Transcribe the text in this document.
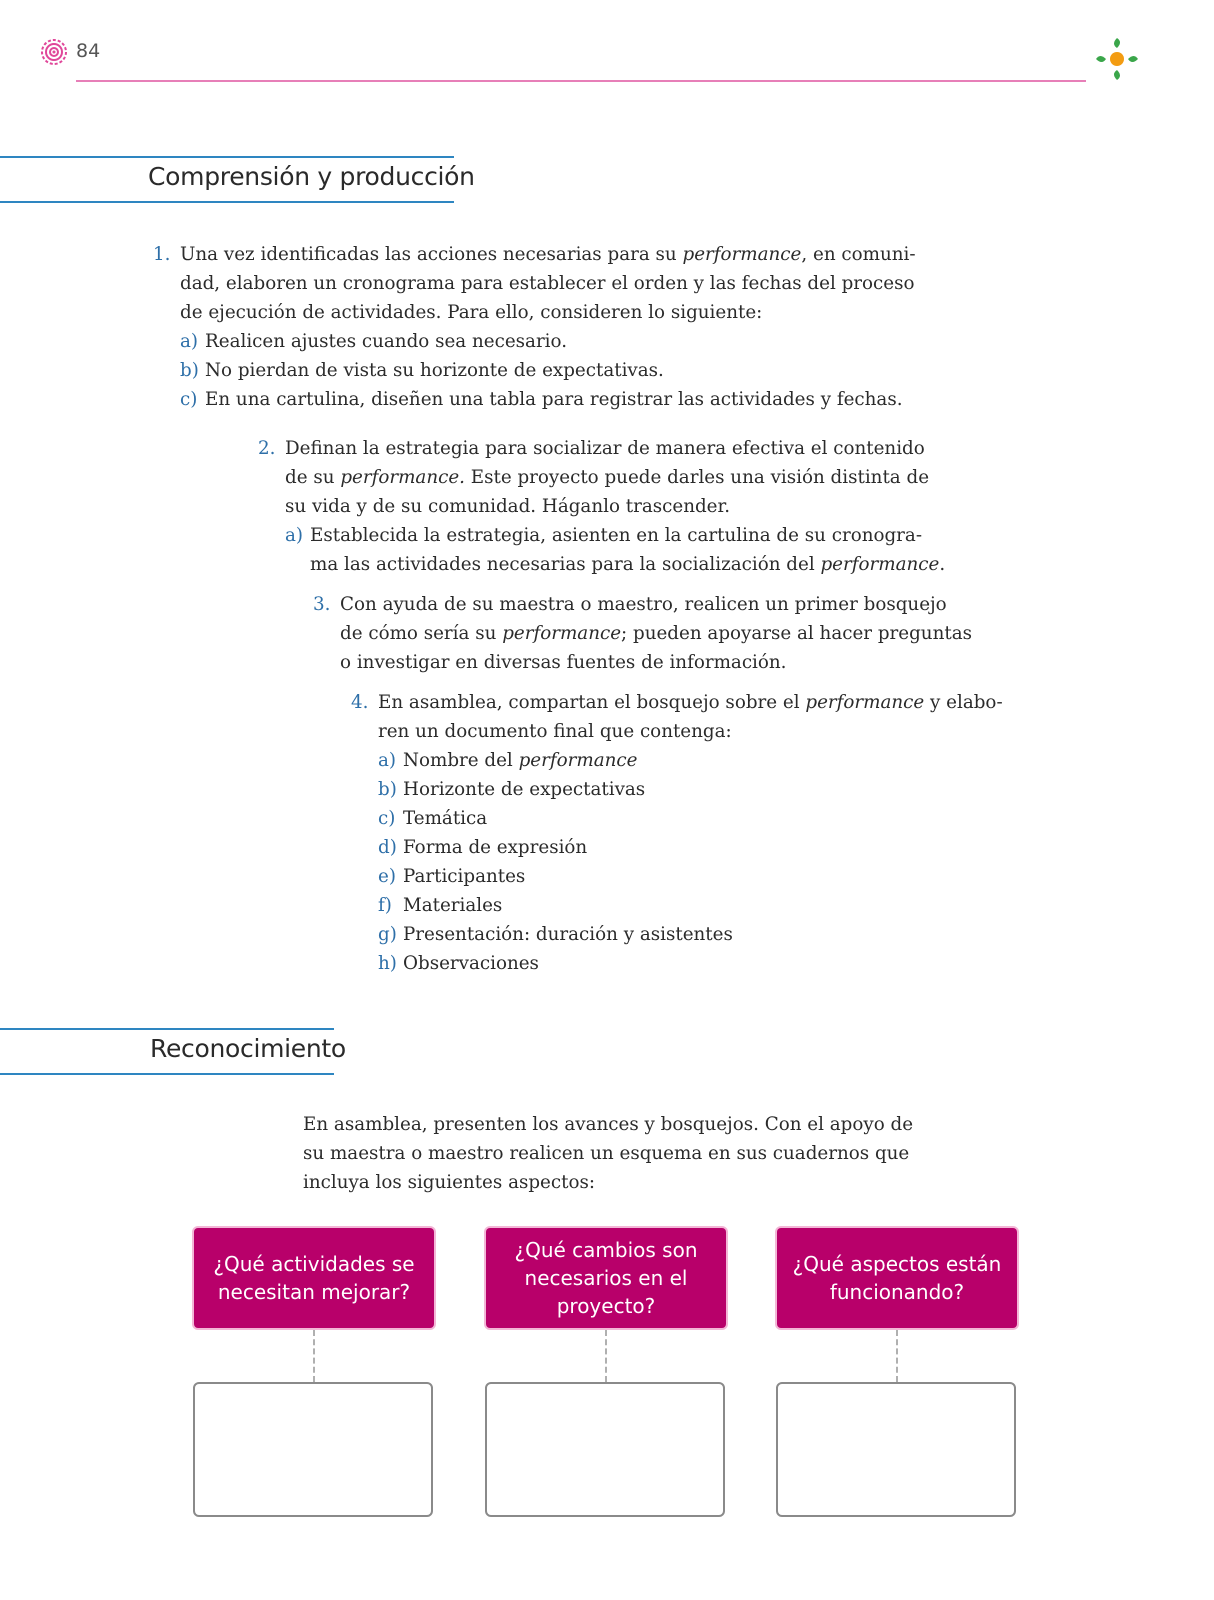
84
Comprensión y producción
1. Una vez identificadas las acciones necesarias para su performance, en comuni-
dad, elaboren un cronograma para establecer el orden y las fechas del proceso
de ejecución de actividades. Para ello, consideren lo siguiente:
a) Realicen ajustes cuando sea necesario.
b) No pierdan de vista su horizonte de expectativas.
c) En una cartulina, diseñen una tabla para registrar las actividades y fechas.
2. Definan la estrategia para socializar de manera efectiva el contenido
de su performance. Este proyecto puede darles una visión distinta de
su vida y de su comunidad. Háganlo trascender.
a) Establecida la estrategia, asienten en la cartulina de su cronogra-
ma las actividades necesarias para la socialización del performance.
3. Con ayuda de su maestra o maestro, realicen un primer bosquejo
de cómo sería su performance; pueden apoyarse al hacer preguntas
o investigar en diversas fuentes de información.
4. En asamblea, compartan el bosquejo sobre el performance y elabo-
ren un documento final que contenga:
a) Nombre del performance
b) Horizonte de expectativas
c) Temática
d) Forma de expresión
e) Participantes
f) Materiales
g) Presentación: duración y asistentes
h) Observaciones
Reconocimiento
En asamblea, presenten los avances y bosquejos. Con el apoyo de
su maestra o maestro realicen un esquema en sus cuadernos que
incluya los siguientes aspectos:
¿Qué actividades se
necesitan mejorar?
¿Qué cambios son
necesarios en el
proyecto?
¿Qué aspectos están
funcionando?
